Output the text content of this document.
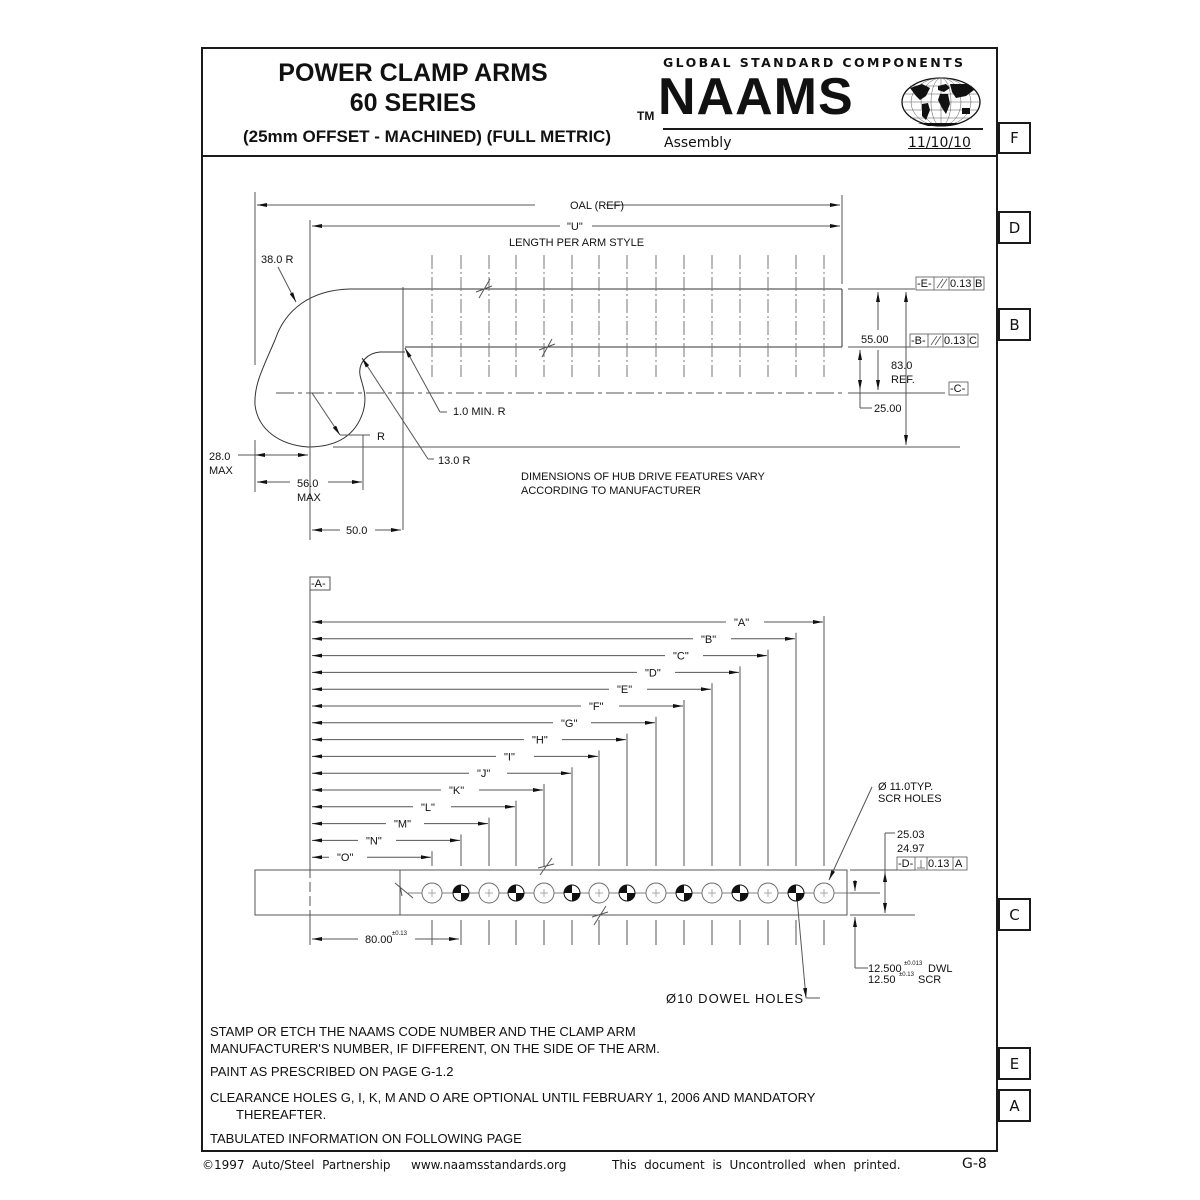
POWER CLAMP ARMS
60 SERIES
(25mm OFFSET - MACHINED) (FULL METRIC)
TM
GLOBAL STANDARD COMPONENTS
NAAMS
Assembly	11/10/10	F
D
B
C
E
A
OAL (REF)
"U"
LENGTH PER ARM STYLE
38.0 R
1.0 MIN. R
R
13.0 R
28.0
MAX
56.0
MAX
50.0
55.00
83.0
REF.
25.00
DIMENSIONS OF HUB DRIVE FEATURES VARY
ACCORDING TO MANUFACTURER
-E- 0.13 B
-B- 0.13 C
-C-
"O"
"N"
"M"
"L"
"K"
"J"
"I"
"H"
"G"
"F"
"E"
"D"
"C"
"B"
"A"
-A-
80.00 ±0.13
Ø 11.0TYP.
SCR HOLES
25.03
24.97
12.500 ±0.013 DWL
12.50 ±0.13 SCR
Ø10 DOWEL HOLES
-D- 0.13 A
STAMP OR ETCH THE NAAMS CODE NUMBER AND THE CLAMP ARM
MANUFACTURER'S NUMBER, IF DIFFERENT, ON THE SIDE OF THE ARM.
PAINT AS PRESCRIBED ON PAGE G-1.2
CLEARANCE HOLES G, I, K, M AND O ARE OPTIONAL UNTIL FEBRUARY 1, 2006 AND MANDATORY
THEREAFTER.
TABULATED INFORMATION ON FOLLOWING PAGE
©1997  Auto/Steel  Partnership www.naamsstandards.org	This  document  is  Uncontrolled  when  printed.	G-8
